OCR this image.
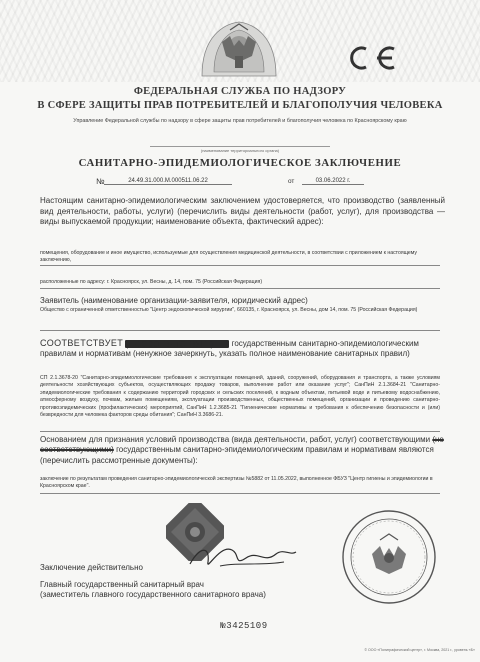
ФЕДЕРАЛЬНАЯ СЛУЖБА ПО НАДЗОРУ
В СФЕРЕ ЗАЩИТЫ ПРАВ ПОТРЕБИТЕЛЕЙ И БЛАГОПОЛУЧИЯ ЧЕЛОВЕКА
Управление Федеральной службы по надзору в сфере защиты прав потребителей и благополучия человека по Красноярскому краю
(наименование территориального органа)
САНИТАРНО-ЭПИДЕМИОЛОГИЧЕСКОЕ ЗАКЛЮЧЕНИЕ
№	24.49.31.000.М.000511.06.22	от	03.06.2022 г.
Настоящим санитарно-эпидемиологическим заключением удостоверяется, что производство (заявленный вид деятельности, работы, услуги) (перечислить виды деятельности (работ, услуг), для производства — виды выпускаемой продукции; наименование объекта, фактический адрес):
помещения, оборудование и иное имущество, используемые для осуществления медицинской деятельности, в соответствии с приложением к настоящему заключению,
расположенные по адресу: г. Красноярск, ул. Весны, д. 14, пом. 75 (Российская Федерация)
Заявитель (наименование организации-заявителя, юридический адрес)
Общество с ограниченной ответственностью "Центр эндоскопической хирургии", 660135, г. Красноярск, ул. Весны, дом 14, пом. 75 (Российская Федерация)
СООТВЕТСТВУЕТ (НЕ СООТВЕТСТВУЕТ) государственным санитарно-эпидемиологическим правилам и нормативам (ненужное зачеркнуть, указать полное наименование санитарных правил)
СП 2.1.3678-20 "Санитарно-эпидемиологические требования к эксплуатации помещений, зданий, сооружений, оборудования и транспорта, а также условиям деятельности хозяйствующих субъектов, осуществляющих продажу товаров, выполнение работ или оказание услуг"; СанПиН 2.1.3684-21 "Санитарно-эпидемиологические требования к содержанию территорий городских и сельских поселений, к водным объектам, питьевой воде и питьевому водоснабжению, атмосферному воздуху, почвам, жилым помещениям, эксплуатации производственных, общественных помещений, организации и проведению санитарно-противоэпидемических (профилактических) мероприятий, СанПиН 1.2.3685-21 "Гигиенические нормативы и требования к обеспечению безопасности и (или) безвредности для человека факторов среды обитания"; СанПиН 3.3686-21.
Основанием для признания условий производства (вида деятельности, работ, услуг) соответствующими (не соответствующими) государственным санитарно-эпидемиологическим правилам и нормативам являются (перечислить рассмотренные документы):
заключение по результатам проведения санитарно-эпидемиологической экспертизы №5882 от 11.05.2022, выполненное ФБУЗ "Центр гигиены и эпидемиологии в Красноярском крае".
Заключение действительно
Главный государственный санитарный врач
(заместитель главного государственного санитарного врача)
№3425109
© ООО «Полиграфический центр», г. Москва, 2021 г., уровень «Б»
